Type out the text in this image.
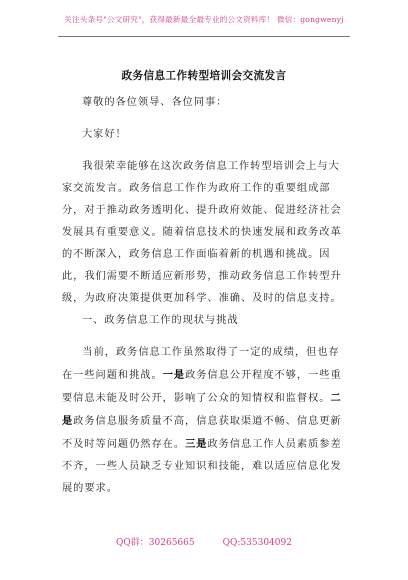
关注头条号"公文研究"，获得最新最全最专业的公文资料库！ 微信：gongwenyj
政务信息工作转型培训会交流发言

尊敬的各位领导、各位同事：

大家好！

我很荣幸能够在这次政务信息工作转型培训会上与大家交流发言。政务信息工作作为政府工作的重要组成部分，对于推动政务透明化、提升政府效能、促进经济社会发展具有重要意义。随着信息技术的快速发展和政务改革的不断深入，政务信息工作面临着新的机遇和挑战。因此，我们需要不断适应新形势，推动政务信息工作转型升级，为政府决策提供更加科学、准确、及时的信息支持。

一、政务信息工作的现状与挑战

当前，政务信息工作虽然取得了一定的成绩，但也存在一些问题和挑战。一是政务信息公开程度不够，一些重要信息未能及时公开，影响了公众的知情权和监督权。二是政务信息服务质量不高，信息获取渠道不畅、信息更新不及时等问题仍然存在。三是政务信息工作人员素质参差不齐，一些人员缺乏专业知识和技能，难以适应信息化发展的要求。

QQ群：30265665	QQ:535304092
